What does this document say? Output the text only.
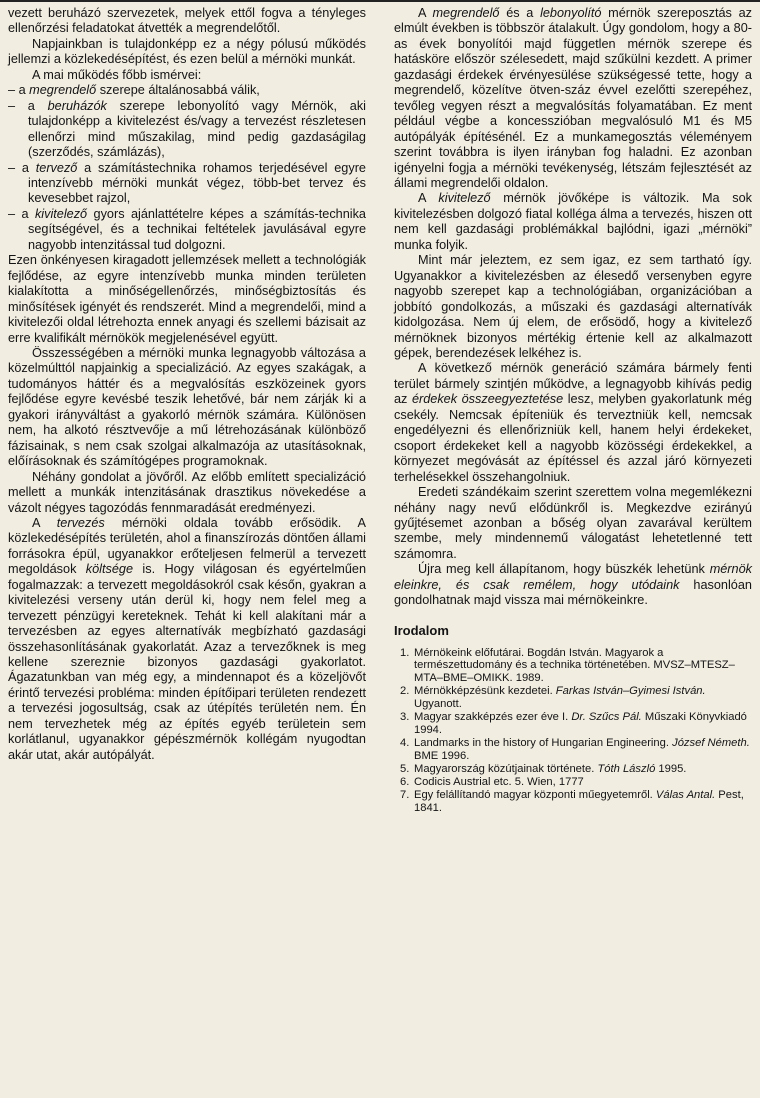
vezett beruházó szervezetek, melyek ettől fogva a tényleges ellenőrzési feladatokat átvették a megrendelőtől.

Napjainkban is tulajdonképp ez a négy pólusú működés jellemzi a közlekedésépítést, és ezen belül a mérnöki munkát.

A mai működés főbb ismérvei:

– a megrendelő szerepe általánosabbá válik,

– a beruházók szerepe lebonyolító vagy Mérnök, aki tulajdonképp a kivitelezést és/vagy a tervezést részletesen ellenőrzi mind műszakilag, mind pedig gazdaságilag (szerződés, számlázás),

– a tervező a számítástechnika rohamos terjedésével egyre intenzívebb mérnöki munkát végez, több-bet tervez és kevesebbet rajzol,

– a kivitelező gyors ajánlattételre képes a számítás-technika segítségével, és a technikai feltételek javulásával egyre nagyobb intenzitással tud dolgozni.

Ezen önkényesen kiragadott jellemzések mellett a technológiák fejlődése, az egyre intenzívebb munka minden területen kialakította a minőségellenőrzés, minőségbiztosítás és minősítések igényét és rendszerét. Mind a megrendelői, mind a kivitelezői oldal létrehozta ennek anyagi és szellemi bázisait az erre kvalifikált mérnökök megjelenésével együtt.

Összességében a mérnöki munka legnagyobb változása a közelmúlttól napjainkig a specializáció. Az egyes szakágak, a tudományos háttér és a megvalósítás eszközeinek gyors fejlődése egyre kevésbé teszik lehetővé, bár nem zárják ki a gyakori irányváltást a gyakorló mérnök számára. Különösen nem, ha alkotó résztvevője a mű létrehozásának különböző fázisainak, s nem csak szolgai alkalmazója az utasításoknak, előírásoknak és számítógépes programoknak.

Néhány gondolat a jövőről. Az előbb említett specializáció mellett a munkák intenzitásának drasztikus növekedése a vázolt négyes tagozódás fennmaradását eredményezi.

A tervezés mérnöki oldala tovább erősödik. A közlekedésépítés területén, ahol a finanszírozás döntően állami forrásokra épül, ugyanakkor erőteljesen felmerül a tervezett megoldások költsége is. Hogy világosan és egyértelműen fogalmazzak: a tervezett megoldásokról csak későn, gyakran a kivitelezési verseny után derül ki, hogy nem felel meg a tervezett pénzügyi kereteknek. Tehát ki kell alakítani már a tervezésben az egyes alternatívák megbízható gazdasági összehasonlításának gyakorlatát. Azaz a tervezőknek is meg kellene szereznie bizonyos gazdasági gyakorlatot. Ágazatunkban van még egy, a mindennapot és a közeljövőt érintő tervezési probléma: minden építőipari területen rendezett a tervezési jogosultság, csak az útépítés területén nem. Én nem tervezhetek még az építés egyéb területein sem korlátlanul, ugyanakkor gépészmérnök kollégám nyugodtan akár utat, akár autópályát.

A megrendelő és a lebonyolító mérnök szereposztás az elmúlt években is többször átalakult. Úgy gondolom, hogy a 80-as évek bonyolítói majd független mérnök szerepe és hatásköre először szélesedett, majd szűkülni kezdett. A primer gazdasági érdekek érvényesülése szükségessé tette, hogy a megrendelő, közelítve ötven-száz évvel ezelőtti szerepéhez, tevőleg vegyen részt a megvalósítás folyamatában. Ez ment például végbe a koncesszióban megvalósuló M1 és M5 autópályák építésénél. Ez a munkamegosztás véleményem szerint továbbra is ilyen irányban fog haladni. Ez azonban igényelni fogja a mérnöki tevékenység, létszám fejlesztését az állami megrendelői oldalon.

A kivitelező mérnök jövőképe is változik. Ma sok kivitelezésben dolgozó fiatal kolléga álma a tervezés, hiszen ott nem kell gazdasági problémákkal bajlódni, igazi „mérnöki” munka folyik.

Mint már jeleztem, ez sem igaz, ez sem tartható így. Ugyanakkor a kivitelezésben az élesedő versenyben egyre nagyobb szerepet kap a technológiában, organizációban a jobbító gondolkozás, a műszaki és gazdasági alternatívák kidolgozása. Nem új elem, de erősödő, hogy a kivitelező mérnöknek bizonyos mértékig értenie kell az alkalmazott gépek, berendezések lelkéhez is.

A következő mérnök generáció számára bármely fenti terület bármely szintjén működve, a legnagyobb kihívás pedig az érdekek összeegyeztetése lesz, melyben gyakorlatunk még csekély. Nemcsak építeniük és terveztniük kell, nemcsak engedélyezni és ellenőrizniük kell, hanem helyi érdekeket, csoport érdekeket kell a nagyobb közösségi érdekekkel, a környezet megóvását az építéssel és azzal járó környezeti terhelésekkel összehangolniuk.

Eredeti szándékaim szerint szerettem volna megemlékezni néhány nagy nevű elődünkről is. Megkezdve ezirányú gyűjtésemet azonban a bőség olyan zavarával kerültem szembe, mely mindennemű válogatást lehetetlenné tett számomra.

Újra meg kell állapítanom, hogy büszkék lehetünk mérnök eleinkre, és csak remélem, hogy utódaink hasonlóan gondolhatnak majd vissza mai mérnökeinkre.

Irodalom
1. Mérnökeink előfutárai. Bogdán István. Magyarok a természettudomány és a technika történetében. MVSZ–MTESZ–MTA–BME–OMIKK. 1989.
2. Mérnökképzésünk kezdetei. Farkas István–Gyimesi István. Ugyanott.
3. Magyar szakképzés ezer éve I. Dr. Szűcs Pál. Műszaki Könyvkiadó 1994.
4. Landmarks in the history of Hungarian Engineering. József Németh. BME 1996.
5. Magyarország közútjainak története. Tóth László 1995.
6. Codicis Austrial etc. 5. Wien, 1777
7. Egy felállítandó magyar központi műegyetemről. Válas Antal. Pest, 1841.
